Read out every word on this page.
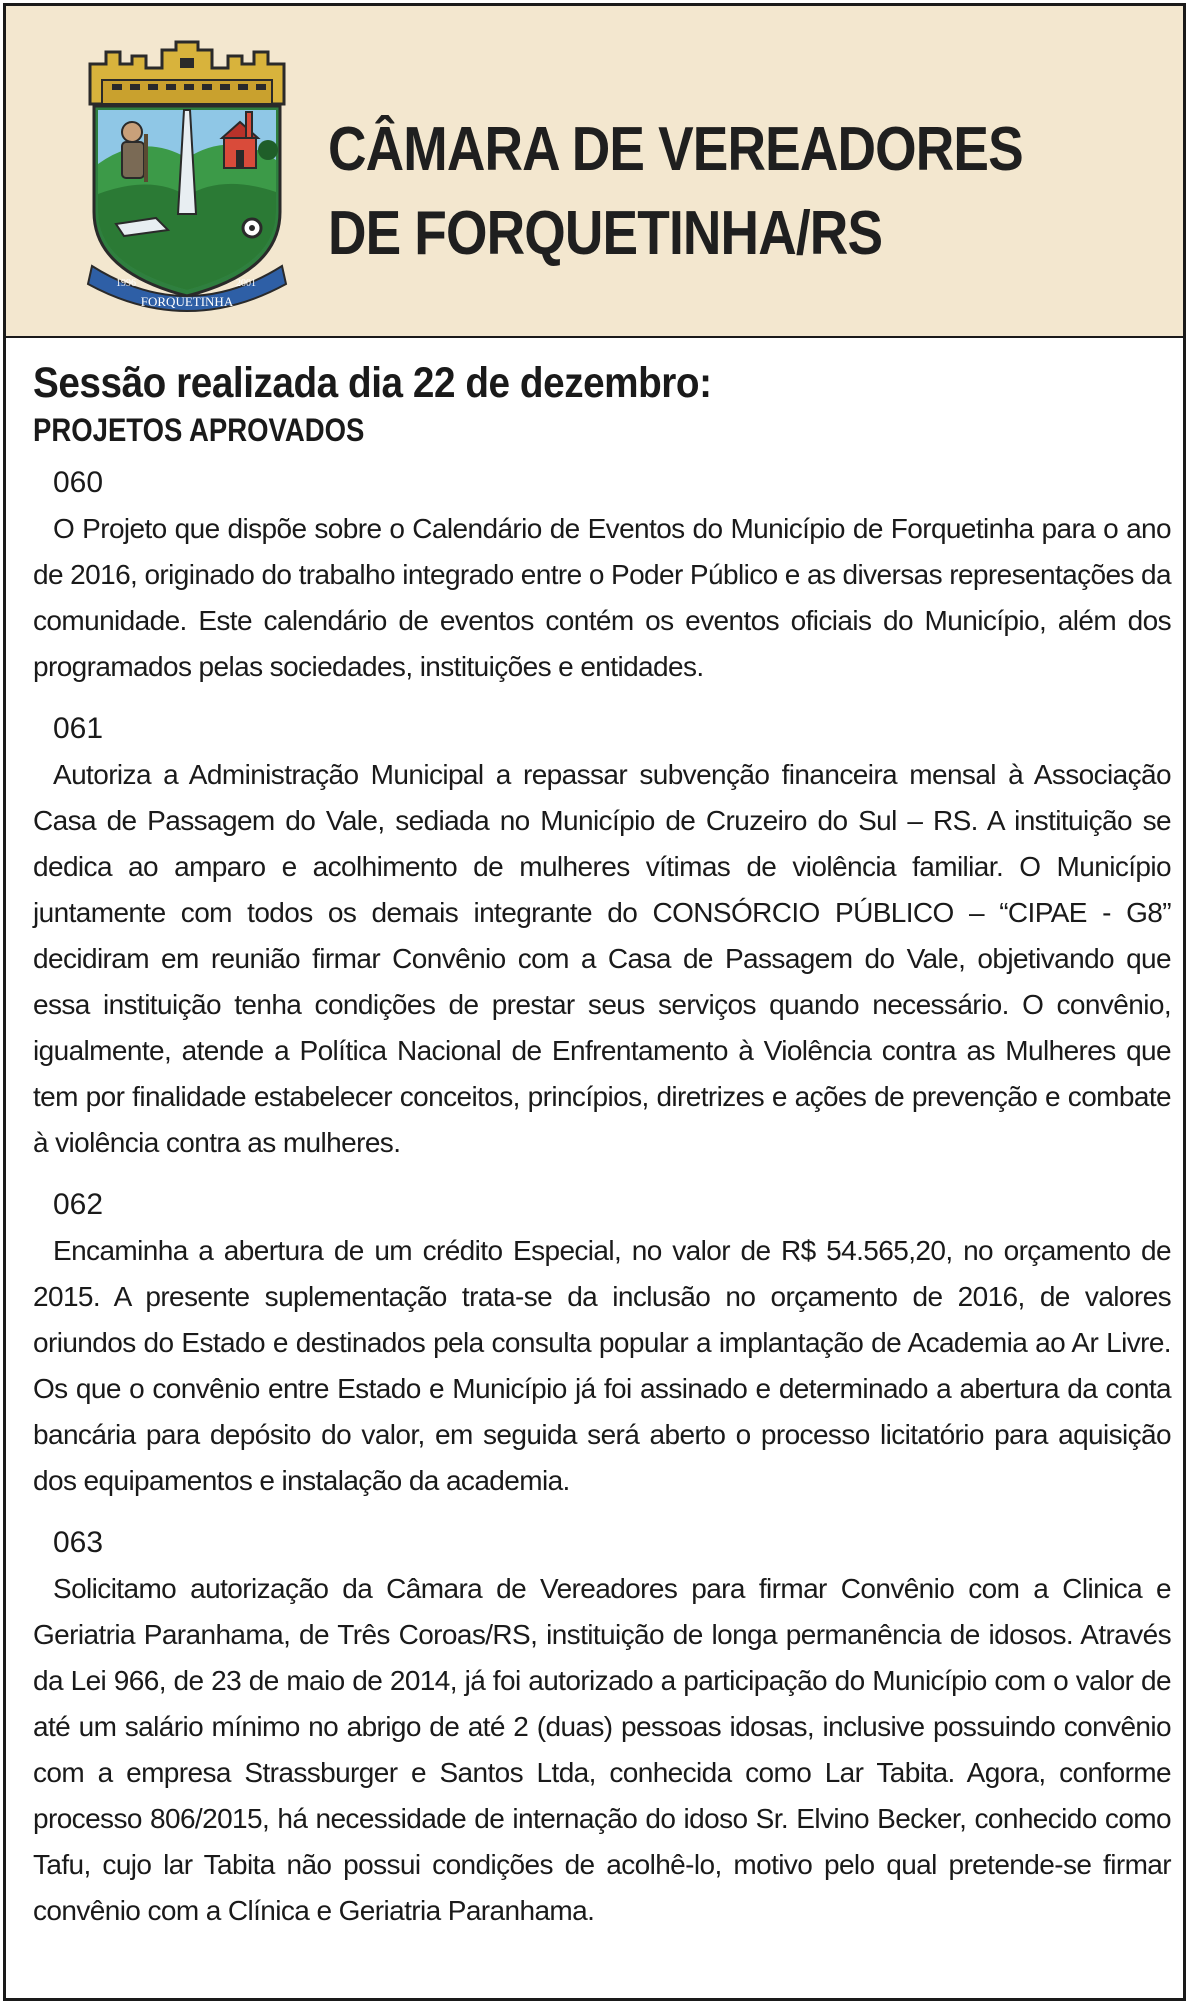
1996
FORQUETINHA
2001
CÂMARA DE VEREADORES
DE FORQUETINHA/RS
Sessão realizada dia 22 de dezembro:
PROJETOS APROVADOS
060

O Projeto que dispõe sobre o Calendário de Eventos do Município de Forquetinha para o ano de 2016, originado do trabalho integrado entre o Poder Público e as diversas representações da comunidade. Este calendário de eventos contém os eventos oficiais do Município, além dos programados pelas sociedades, instituições e entidades.

061

Autoriza a Administração Municipal a repassar subvenção financeira mensal à Associação Casa de Passagem do Vale, sediada no Município de Cruzeiro do Sul – RS. A instituição se dedica ao amparo e acolhimento de mulheres vítimas de violência familiar. O Município juntamente com todos os demais integrante do CONSÓRCIO PÚBLICO – “CIPAE - G8” decidiram em reunião firmar Convênio com a Casa de Passagem do Vale, objetivando que essa instituição tenha condições de prestar seus serviços quando necessário. O convênio, igualmente, atende a Política Nacional de Enfrentamento à Violência contra as Mulheres que tem por finalidade estabelecer conceitos, princípios, diretrizes e ações de prevenção e combate à violência contra as mulheres.

062

Encaminha a abertura de um crédito Especial, no valor de R$ 54.565,20, no orçamento de 2015. A presente suplementação trata-se da inclusão no orçamento de 2016, de valores oriundos do Estado e destinados pela consulta popular a implantação de Academia ao Ar Livre. Os que o convênio entre Estado e Município já foi assinado e determinado a abertura da conta bancária para depósito do valor, em seguida será aberto o processo licitatório para aquisição dos equipamentos e instalação da academia.

063

Solicitamo autorização da Câmara de Vereadores para firmar Convênio com a Clinica e Geriatria Paranhama, de Três Coroas/RS, instituição de longa permanência de idosos. Através da Lei 966, de 23 de maio de 2014, já foi autorizado a participação do Município com o valor de até um salário mínimo no abrigo de até 2 (duas) pessoas idosas, inclusive possuindo convênio com a empresa Strassburger e Santos Ltda, conhecida como Lar Tabita. Agora, conforme processo 806/2015, há necessidade de internação do idoso Sr. Elvino Becker, conhecido como Tafu, cujo lar Tabita não possui condições de acolhê-lo, motivo pelo qual pretende-se firmar convênio com a Clínica e Geriatria Paranhama.
